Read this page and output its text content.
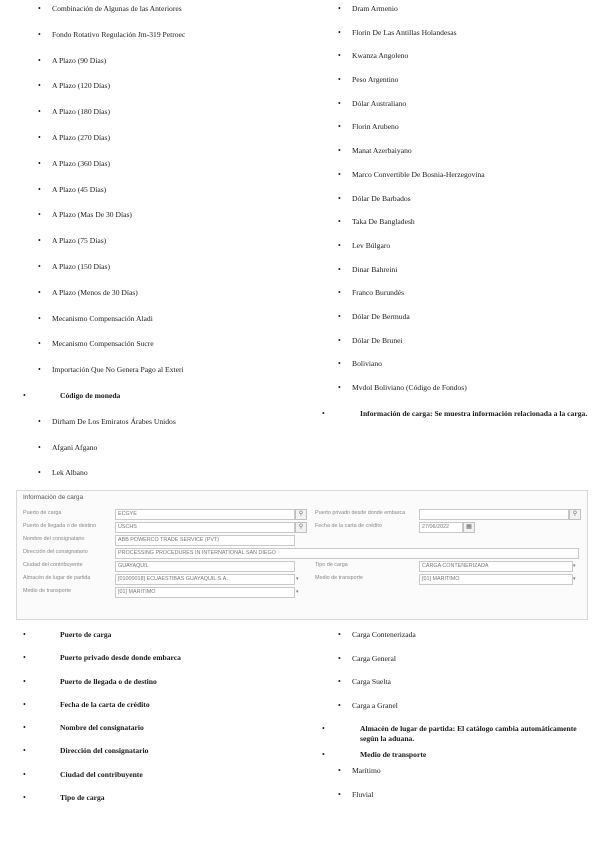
• Combinación de Algunas de las Anteriores
• Fondo Rotativo Regulación Jm-319 Petroec
• A Plazo (90 Días)
• A Plazo (120 Días)
• A Plazo (180 Días)
• A Plazo (270 Días)
• A Plazo (360 Días)
• A Plazo (45 Días)
• A Plazo (Mas De 30 Días)
• A Plazo (75 Días)
• A Plazo (150 Días)
• A Plazo (Menos de 30 Días)
• Mecanismo Compensación Aladi
• Mecanismo Compensación Sucre
• Importación Que No Genera Pago al Exteri
• Código de moneda
• Dirham De Los Emiratos Árabes Unidos
• Afgani Afgano
• Lek Albano
• Dram Armenio
• Florin De Las Antillas Holandesas
• Kwanza Angoleno
• Peso Argentino
• Dólar Australiano
• Florin Arubeno
• Manat Azerbaiyano
• Marco Convertible De Bosnia-Herzegovina
• Dólar De Barbados
• Taka De Bangladesh
• Lev Búlgaro
• Dinar Bahreini
• Franco Burundés
• Dólar De Bermuda
• Dólar De Brunei
• Boliviano
• Mvdol Boliviano (Código de Fondos)
• Información de carga: Se muestra información relacionada a la carga.
Información de carga
Puerto de carga	ECGYE	⚲
Puerto de llegada o de destino	USCHS	⚲
Nombre del consignatario	ABB POWERCO TRADE SERVICE (PVT)
Dirección del consignatario	PROCESSING PROCEDURES IN INTERNATIONAL SAN DIEGO
Ciudad del contribuyente	GUAYAQUIL
Almacén de lugar de partida	[01000018] ECUAESTIBAS GUAYAQUIL S.A.	▾
Medio de transporte	[01] MARITIMO	▾
Puerto privado desde donde embarca	⚲
Fecha de la carta de crédito	27/06/2022	▦
Tipo de carga	CARGA CONTENERIZADA	▾
Medio de transporte	[01] MARITIMO	▾
• Puerto de carga
• Puerto privado desde donde embarca
• Puerto de llegada o de destino
• Fecha de la carta de crédito
• Nombre del consignatario
• Dirección del consignatario
• Ciudad del contribuyente
• Tipo de carga
• Carga Contenerizada
• Carga General
• Carga Suelta
• Carga a Granel
• Almacén de lugar de partida: El catálogo cambia automáticamente según la aduana.
• Medio de transporte
• Marítimo
• Fluvial
